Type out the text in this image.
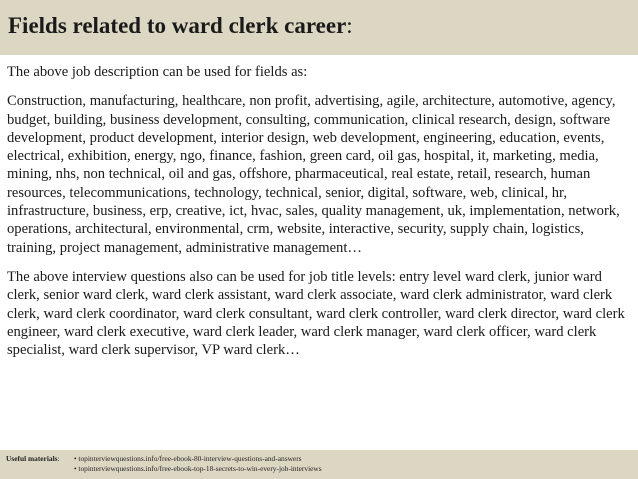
Fields related to ward clerk career:

The above job description can be used for fields as:

Construction, manufacturing, healthcare, non profit, advertising, agile, architecture, automotive, agency, budget, building, business development, consulting, communication, clinical research, design, software development, product development, interior design, web development, engineering, education, events, electrical, exhibition, energy, ngo, finance, fashion, green card, oil gas, hospital, it, marketing, media, mining, nhs, non technical, oil and gas, offshore, pharmaceutical, real estate, retail, research, human resources, telecommunications, technology, technical, senior, digital, software, web, clinical, hr, infrastructure, business, erp, creative, ict, hvac, sales, quality management, uk, implementation, network, operations, architectural, environmental, crm, website, interactive, security, supply chain, logistics, training, project management, administrative management…

The above interview questions also can be used for job title levels: entry level ward clerk, junior ward clerk, senior ward clerk, ward clerk assistant, ward clerk associate, ward clerk administrator, ward clerk clerk, ward clerk coordinator, ward clerk consultant, ward clerk controller, ward clerk director, ward clerk engineer, ward clerk executive, ward clerk leader, ward clerk manager, ward clerk officer, ward clerk specialist, ward clerk supervisor, VP ward clerk…

Useful materials:	• topinterviewquestions.info/free-ebook-80-interview-questions-and-answers
• topinterviewquestions.info/free-ebook-top-18-secrets-to-win-every-job-interviews
